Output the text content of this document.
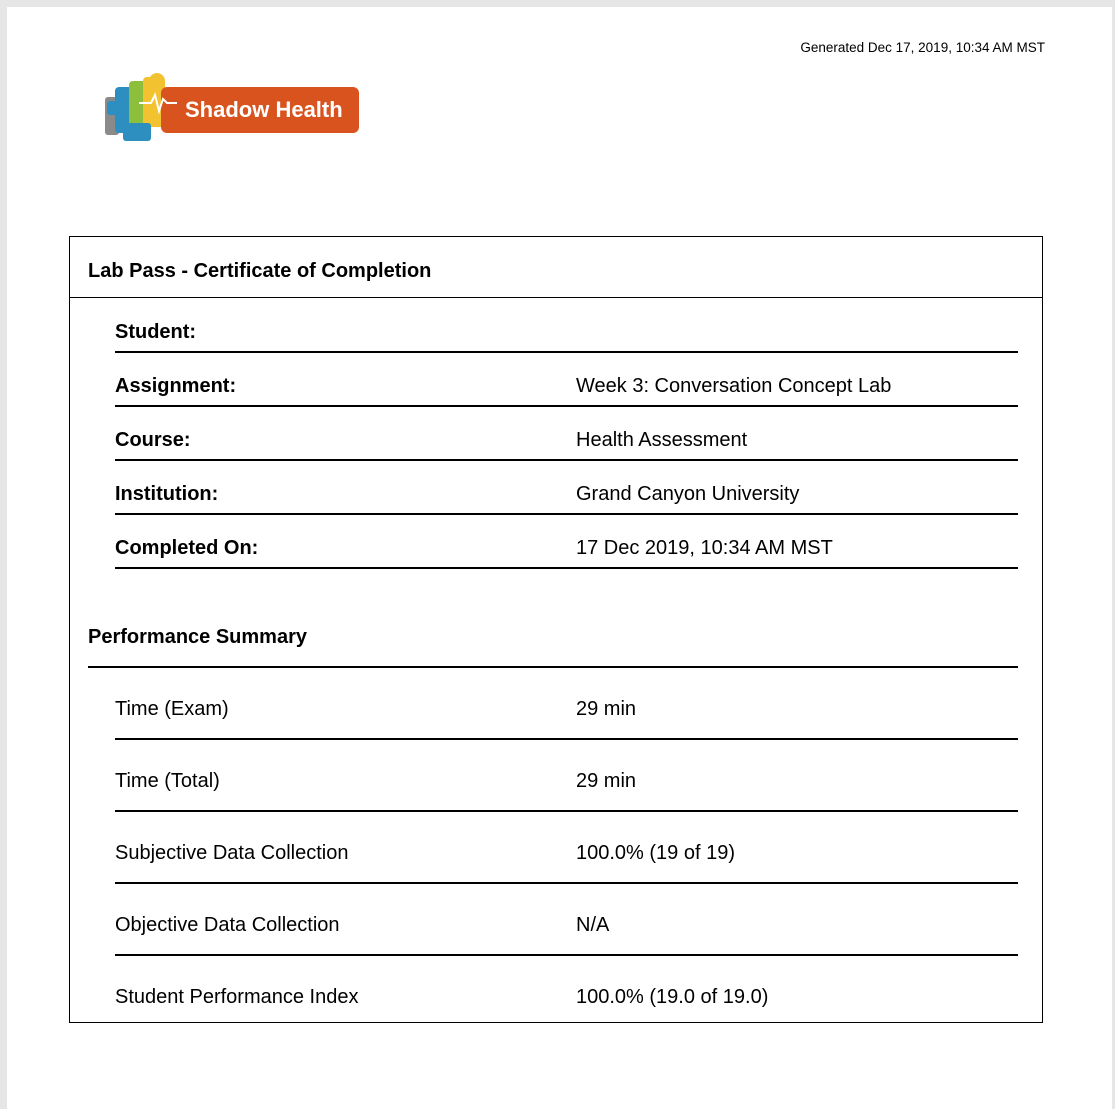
Generated Dec 17, 2019, 10:34 AM MST
Shadow Health
Lab Pass - Certificate of Completion
Student:
Assignment:	Week 3: Conversation Concept Lab
Course:	Health Assessment
Institution:	Grand Canyon University
Completed On:	17 Dec 2019, 10:34 AM MST
Performance Summary
Time (Exam)	29 min
Time (Total)	29 min
Subjective Data Collection	100.0% (19 of 19)
Objective Data Collection	N/A
Student Performance Index	100.0% (19.0 of 19.0)
